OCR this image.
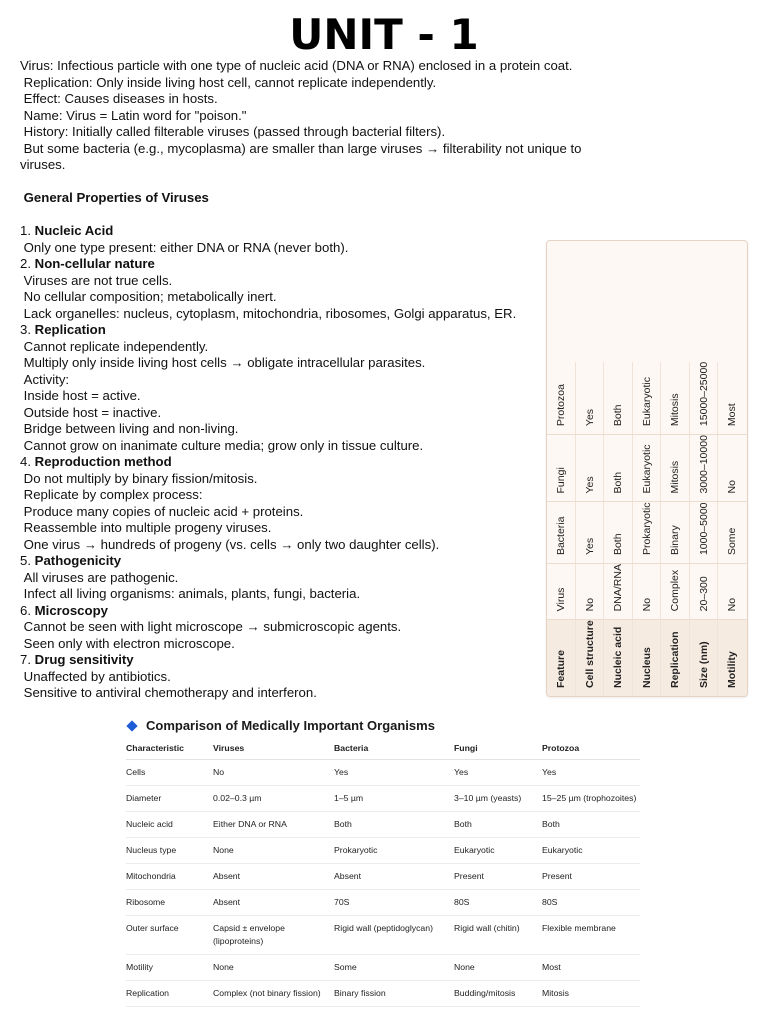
UNIT - 1

Virus: Infectious particle with one type of nucleic acid (DNA or RNA) enclosed in a protein coat.

Replication: Only inside living host cell, cannot replicate independently.

Effect: Causes diseases in hosts.

Name: Virus = Latin word for "poison."

History: Initially called filterable viruses (passed through bacterial filters).

But some bacteria (e.g., mycoplasma) are smaller than large viruses → filterability not unique to viruses.

General Properties of Viruses

1. Nucleic Acid

Only one type present: either DNA or RNA (never both).

2. Non-cellular nature

Viruses are not true cells.

No cellular composition; metabolically inert.

Lack organelles: nucleus, cytoplasm, mitochondria, ribosomes, Golgi apparatus, ER.

3. Replication

Cannot replicate independently.

Multiply only inside living host cells → obligate intracellular parasites.

Activity:

Inside host = active.

Outside host = inactive.

Bridge between living and non-living.

Cannot grow on inanimate culture media; grow only in tissue culture.

4. Reproduction method

Do not multiply by binary fission/mitosis.

Replicate by complex process:

Produce many copies of nucleic acid + proteins.

Reassemble into multiple progeny viruses.

One virus → hundreds of progeny (vs. cells → only two daughter cells).

5. Pathogenicity

All viruses are pathogenic.

Infect all living organisms: animals, plants, fungi, bacteria.

6. Microscopy

Cannot be seen with light microscope → submicroscopic agents.

Seen only with electron microscope.

7. Drug sensitivity

Unaffected by antibiotics.

Sensitive to antiviral chemotherapy and interferon.

Feature	Cell structure	Nucleic acid	Nucleus	Replication	Size (nm)	Motility
Virus	No	DNA/RNA	No	Complex	20–300	No
Bacteria	Yes	Both	Prokaryotic	Binary	1000–5000	Some
Fungi	Yes	Both	Eukaryotic	Mitosis	3000–10000	No
Protozoa	Yes	Both	Eukaryotic	Mitosis	15000–25000	Most
Comparison of Medically Important Organisms
Characteristic	Viruses	Bacteria	Fungi	Protozoa
Cells	No	Yes	Yes	Yes
Diameter	0.02–0.3 µm	1–5 µm	3–10 µm (yeasts)	15–25 µm (trophozoites)
Nucleic acid	Either DNA or RNA	Both	Both	Both
Nucleus type	None	Prokaryotic	Eukaryotic	Eukaryotic
Mitochondria	Absent	Absent	Present	Present
Ribosome	Absent	70S	80S	80S
Outer surface	Capsid ± envelope (lipoproteins)	Rigid wall (peptidoglycan)	Rigid wall (chitin)	Flexible membrane
Motility	None	Some	None	Most
Replication	Complex (not binary fission)	Binary fission	Budding/mitosis	Mitosis
